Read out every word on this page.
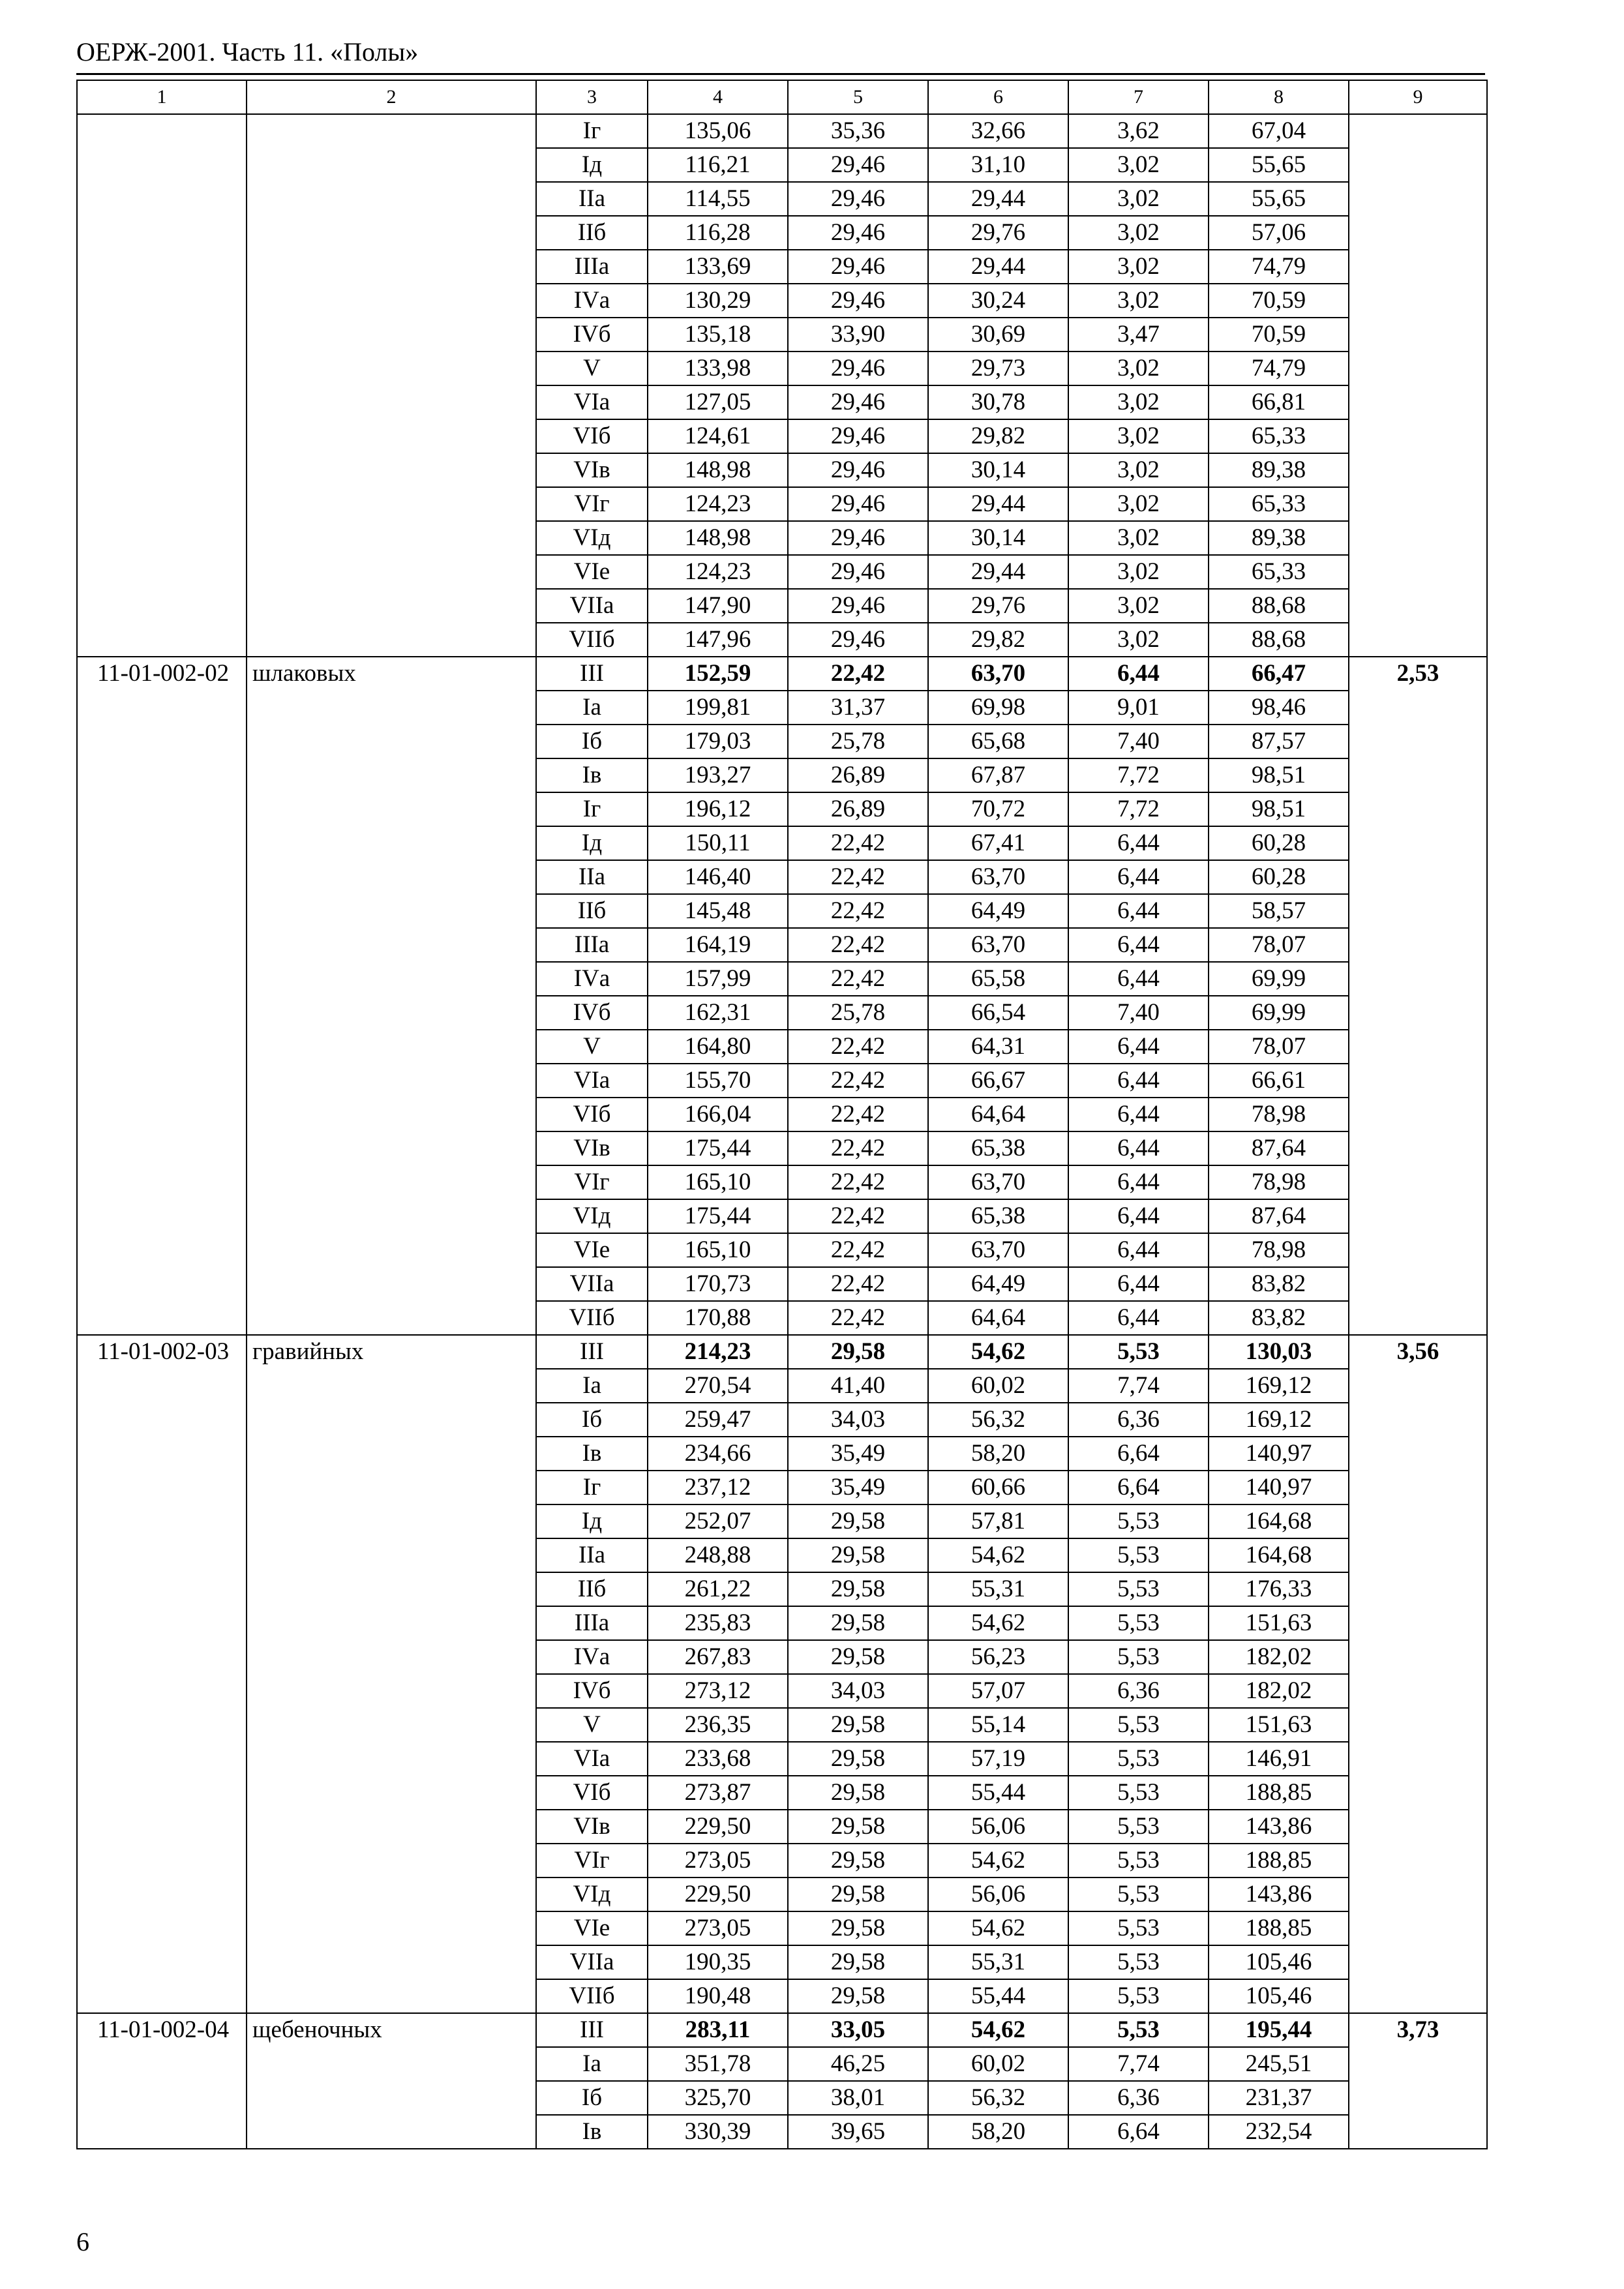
ОЕРЖ-2001. Часть 11. «Полы»
1	2	3	4	5	6	7	8	9
		Iг	135,06	35,36	32,66	3,62	67,04	
		Iд	116,21	29,46	31,10	3,02	55,65	
		IIа	114,55	29,46	29,44	3,02	55,65	
		IIб	116,28	29,46	29,76	3,02	57,06	
		IIIа	133,69	29,46	29,44	3,02	74,79	
		IVа	130,29	29,46	30,24	3,02	70,59	
		IVб	135,18	33,90	30,69	3,47	70,59	
		V	133,98	29,46	29,73	3,02	74,79	
		VIа	127,05	29,46	30,78	3,02	66,81	
		VIб	124,61	29,46	29,82	3,02	65,33	
		VIв	148,98	29,46	30,14	3,02	89,38	
		VIг	124,23	29,46	29,44	3,02	65,33	
		VIд	148,98	29,46	30,14	3,02	89,38	
		VIе	124,23	29,46	29,44	3,02	65,33	
		VIIа	147,90	29,46	29,76	3,02	88,68	
		VIIб	147,96	29,46	29,82	3,02	88,68	
11-01-002-02	шлаковых	III	152,59	22,42	63,70	6,44	66,47	2,53
		Iа	199,81	31,37	69,98	9,01	98,46	
		Iб	179,03	25,78	65,68	7,40	87,57	
		Iв	193,27	26,89	67,87	7,72	98,51	
		Iг	196,12	26,89	70,72	7,72	98,51	
		Iд	150,11	22,42	67,41	6,44	60,28	
		IIа	146,40	22,42	63,70	6,44	60,28	
		IIб	145,48	22,42	64,49	6,44	58,57	
		IIIа	164,19	22,42	63,70	6,44	78,07	
		IVа	157,99	22,42	65,58	6,44	69,99	
		IVб	162,31	25,78	66,54	7,40	69,99	
		V	164,80	22,42	64,31	6,44	78,07	
		VIа	155,70	22,42	66,67	6,44	66,61	
		VIб	166,04	22,42	64,64	6,44	78,98	
		VIв	175,44	22,42	65,38	6,44	87,64	
		VIг	165,10	22,42	63,70	6,44	78,98	
		VIд	175,44	22,42	65,38	6,44	87,64	
		VIе	165,10	22,42	63,70	6,44	78,98	
		VIIа	170,73	22,42	64,49	6,44	83,82	
		VIIб	170,88	22,42	64,64	6,44	83,82	
11-01-002-03	гравийных	III	214,23	29,58	54,62	5,53	130,03	3,56
		Iа	270,54	41,40	60,02	7,74	169,12	
		Iб	259,47	34,03	56,32	6,36	169,12	
		Iв	234,66	35,49	58,20	6,64	140,97	
		Iг	237,12	35,49	60,66	6,64	140,97	
		Iд	252,07	29,58	57,81	5,53	164,68	
		IIа	248,88	29,58	54,62	5,53	164,68	
		IIб	261,22	29,58	55,31	5,53	176,33	
		IIIа	235,83	29,58	54,62	5,53	151,63	
		IVа	267,83	29,58	56,23	5,53	182,02	
		IVб	273,12	34,03	57,07	6,36	182,02	
		V	236,35	29,58	55,14	5,53	151,63	
		VIа	233,68	29,58	57,19	5,53	146,91	
		VIб	273,87	29,58	55,44	5,53	188,85	
		VIв	229,50	29,58	56,06	5,53	143,86	
		VIг	273,05	29,58	54,62	5,53	188,85	
		VIд	229,50	29,58	56,06	5,53	143,86	
		VIе	273,05	29,58	54,62	5,53	188,85	
		VIIа	190,35	29,58	55,31	5,53	105,46	
		VIIб	190,48	29,58	55,44	5,53	105,46	
11-01-002-04	щебеночных	III	283,11	33,05	54,62	5,53	195,44	3,73
		Iа	351,78	46,25	60,02	7,74	245,51	
		Iб	325,70	38,01	56,32	6,36	231,37	
		Iв	330,39	39,65	58,20	6,64	232,54	
6
